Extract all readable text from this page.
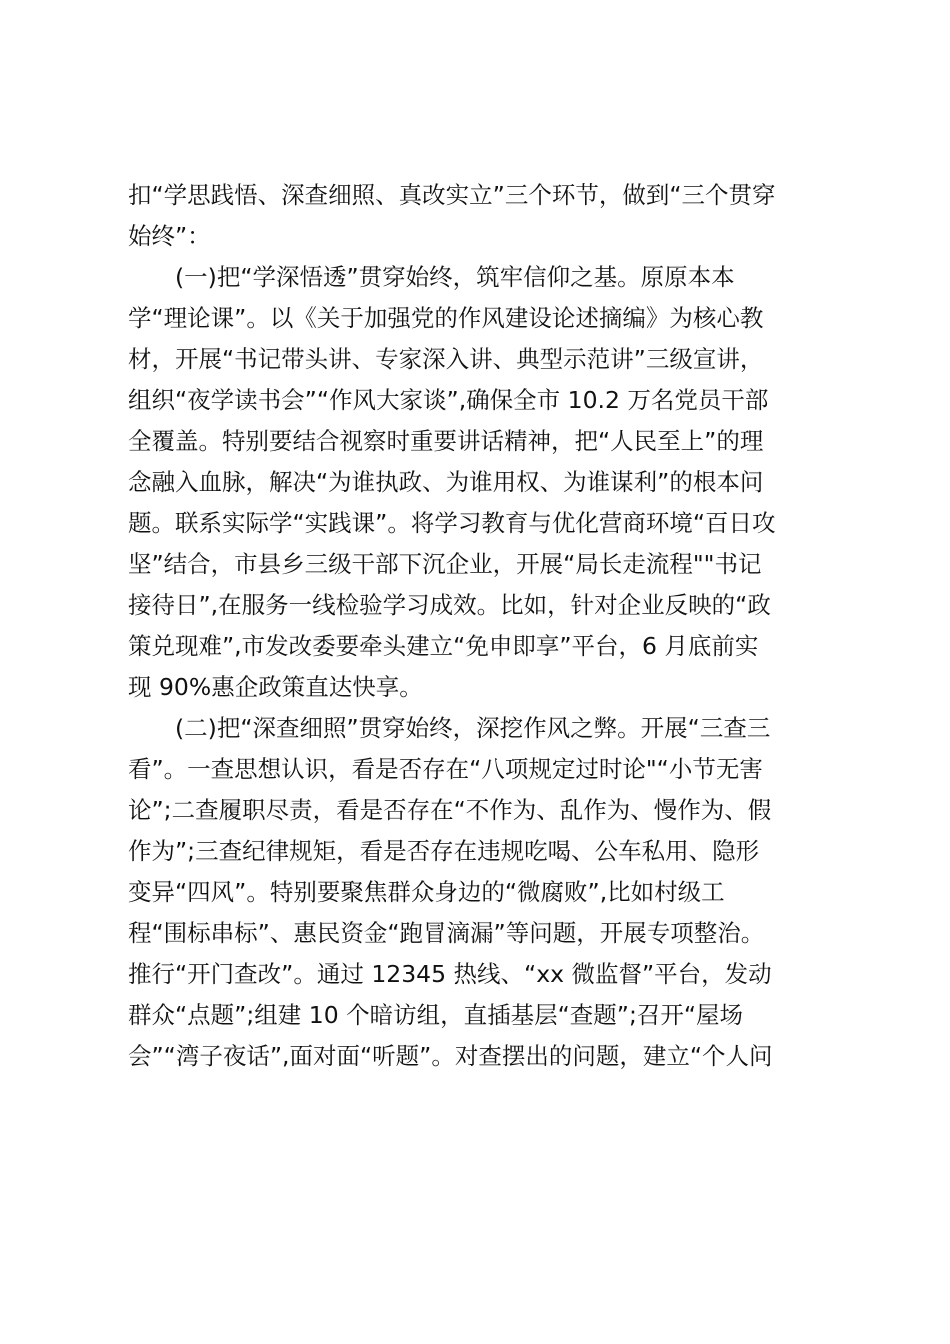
扣“学思践悟、深查细照、真改实立”三个环节，做到“三个贯穿
始终”：
(一)把“学深悟透”贯穿始终，筑牢信仰之基。原原本本
学“理论课”。以《关于加强党的作风建设论述摘编》为核心教
材，开展“书记带头讲、专家深入讲、典型示范讲”三级宣讲，
组织“夜学读书会”“作风大家谈”,确保全市 10.2 万名党员干部
全覆盖。特别要结合视察时重要讲话精神，把“人民至上”的理
念融入血脉，解决“为谁执政、为谁用权、为谁谋利”的根本问
题。联系实际学“实践课”。将学习教育与优化营商环境“百日攻
坚”结合，市县乡三级干部下沉企业，开展“局长走流程""书记
接待日”,在服务一线检验学习成效。比如，针对企业反映的“政
策兑现难”,市发改委要牵头建立“免申即享”平台，6 月底前实
现 90%惠企政策直达快享。
(二)把“深查细照”贯穿始终，深挖作风之弊。开展“三查三
看”。一查思想认识，看是否存在“八项规定过时论"“小节无害
论”;二查履职尽责，看是否存在“不作为、乱作为、慢作为、假
作为”;三查纪律规矩，看是否存在违规吃喝、公车私用、隐形
变异“四风”。特别要聚焦群众身边的“微腐败”,比如村级工
程“围标串标”、惠民资金“跑冒滴漏”等问题，开展专项整治。
推行“开门查改”。通过 12345 热线、“xx 微监督”平台，发动
群众“点题”;组建 10 个暗访组，直插基层“查题”;召开“屋场
会”“湾子夜话”,面对面“听题”。对查摆出的问题，建立“个人问
